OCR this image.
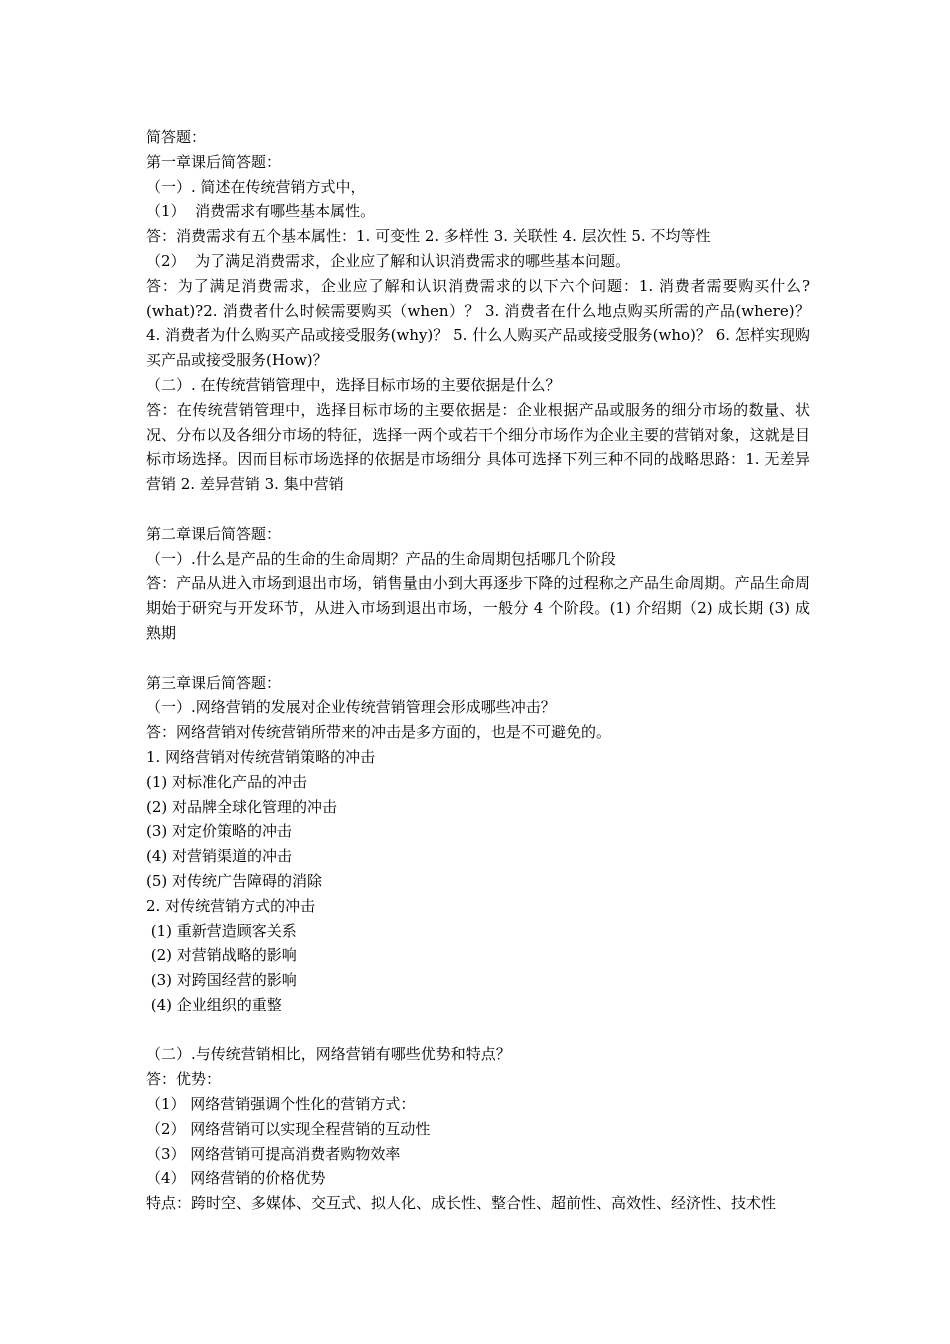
简答题：
第一章课后简答题：
（一）. 简述在传统营销方式中，
（1）  消费需求有哪些基本属性。
答：消费需求有五个基本属性：1. 可变性 2. 多样性 3. 关联性 4. 层次性 5. 不均等性
（2）  为了满足消费需求，企业应了解和认识消费需求的哪些基本问题。

答：为了满足消费需求，企业应了解和认识消费需求的以下六个问题：1. 消费者需要购买什么?(what)?2. 消费者什么时候需要购买（when）？ 3. 消费者在什么地点购买所需的产品(where)？ 4. 消费者为什么购买产品或接受服务(why)？ 5. 什么人购买产品或接受服务(who)？ 6. 怎样实现购买产品或接受服务(How)？

（二）. 在传统营销管理中，选择目标市场的主要依据是什么？

答：在传统营销管理中，选择目标市场的主要依据是：企业根据产品或服务的细分市场的数量、状况、分布以及各细分市场的特征，选择一两个或若干个细分市场作为企业主要的营销对象，这就是目标市场选择。因而目标市场选择的依据是市场细分 具体可选择下列三种不同的战略思路：1. 无差异营销 2. 差异营销 3. 集中营销

第二章课后简答题：
（一）.什么是产品的生命的生命周期？产品的生命周期包括哪几个阶段

答：产品从进入市场到退出市场，销售量由小到大再逐步下降的过程称之产品生命周期。产品生命周期始于研究与开发环节，从进入市场到退出市场，一般分 4 个阶段。(1) 介绍期（2) 成长期 (3) 成熟期

第三章课后简答题：
（一）.网络营销的发展对企业传统营销管理会形成哪些冲击？
答：网络营销对传统营销所带来的冲击是多方面的，也是不可避免的。
1. 网络营销对传统营销策略的冲击
(1) 对标准化产品的冲击
(2) 对品牌全球化管理的冲击
(3) 对定价策略的冲击
(4) 对营销渠道的冲击
(5) 对传统广告障碍的消除
2. 对传统营销方式的冲击
(1) 重新营造顾客关系
(2) 对营销战略的影响
(3) 对跨国经营的影响
(4) 企业组织的重整
（二）.与传统营销相比，网络营销有哪些优势和特点？
答：优势：
（1） 网络营销强调个性化的营销方式：
（2） 网络营销可以实现全程营销的互动性
（3） 网络营销可提高消费者购物效率
（4） 网络营销的价格优势
特点：跨时空、多媒体、交互式、拟人化、成长性、整合性、超前性、高效性、经济性、技术性
